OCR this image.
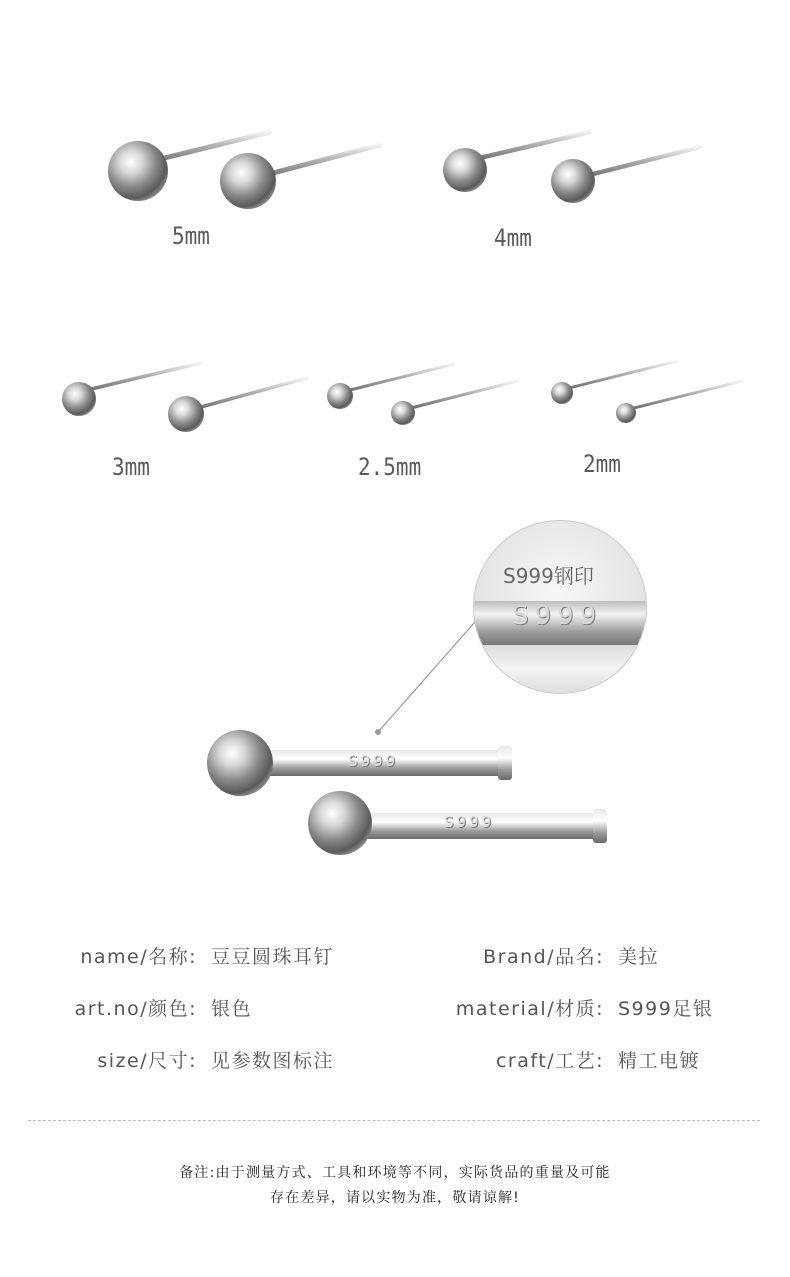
5mm	4mm
3mm	2.5mm	2mm
S999
S999钢印
S999
S999
name/名称: 豆豆圆珠耳钉	Brand/品名: 美拉
art.no/颜色: 银色	material/材质: S999足银
size/尺寸: 见参数图标注	craft/工艺: 精工电镀
备注:由于测量方式、工具和环境等不同，实际货品的重量及可能
存在差异，请以实物为准，敬请谅解!
